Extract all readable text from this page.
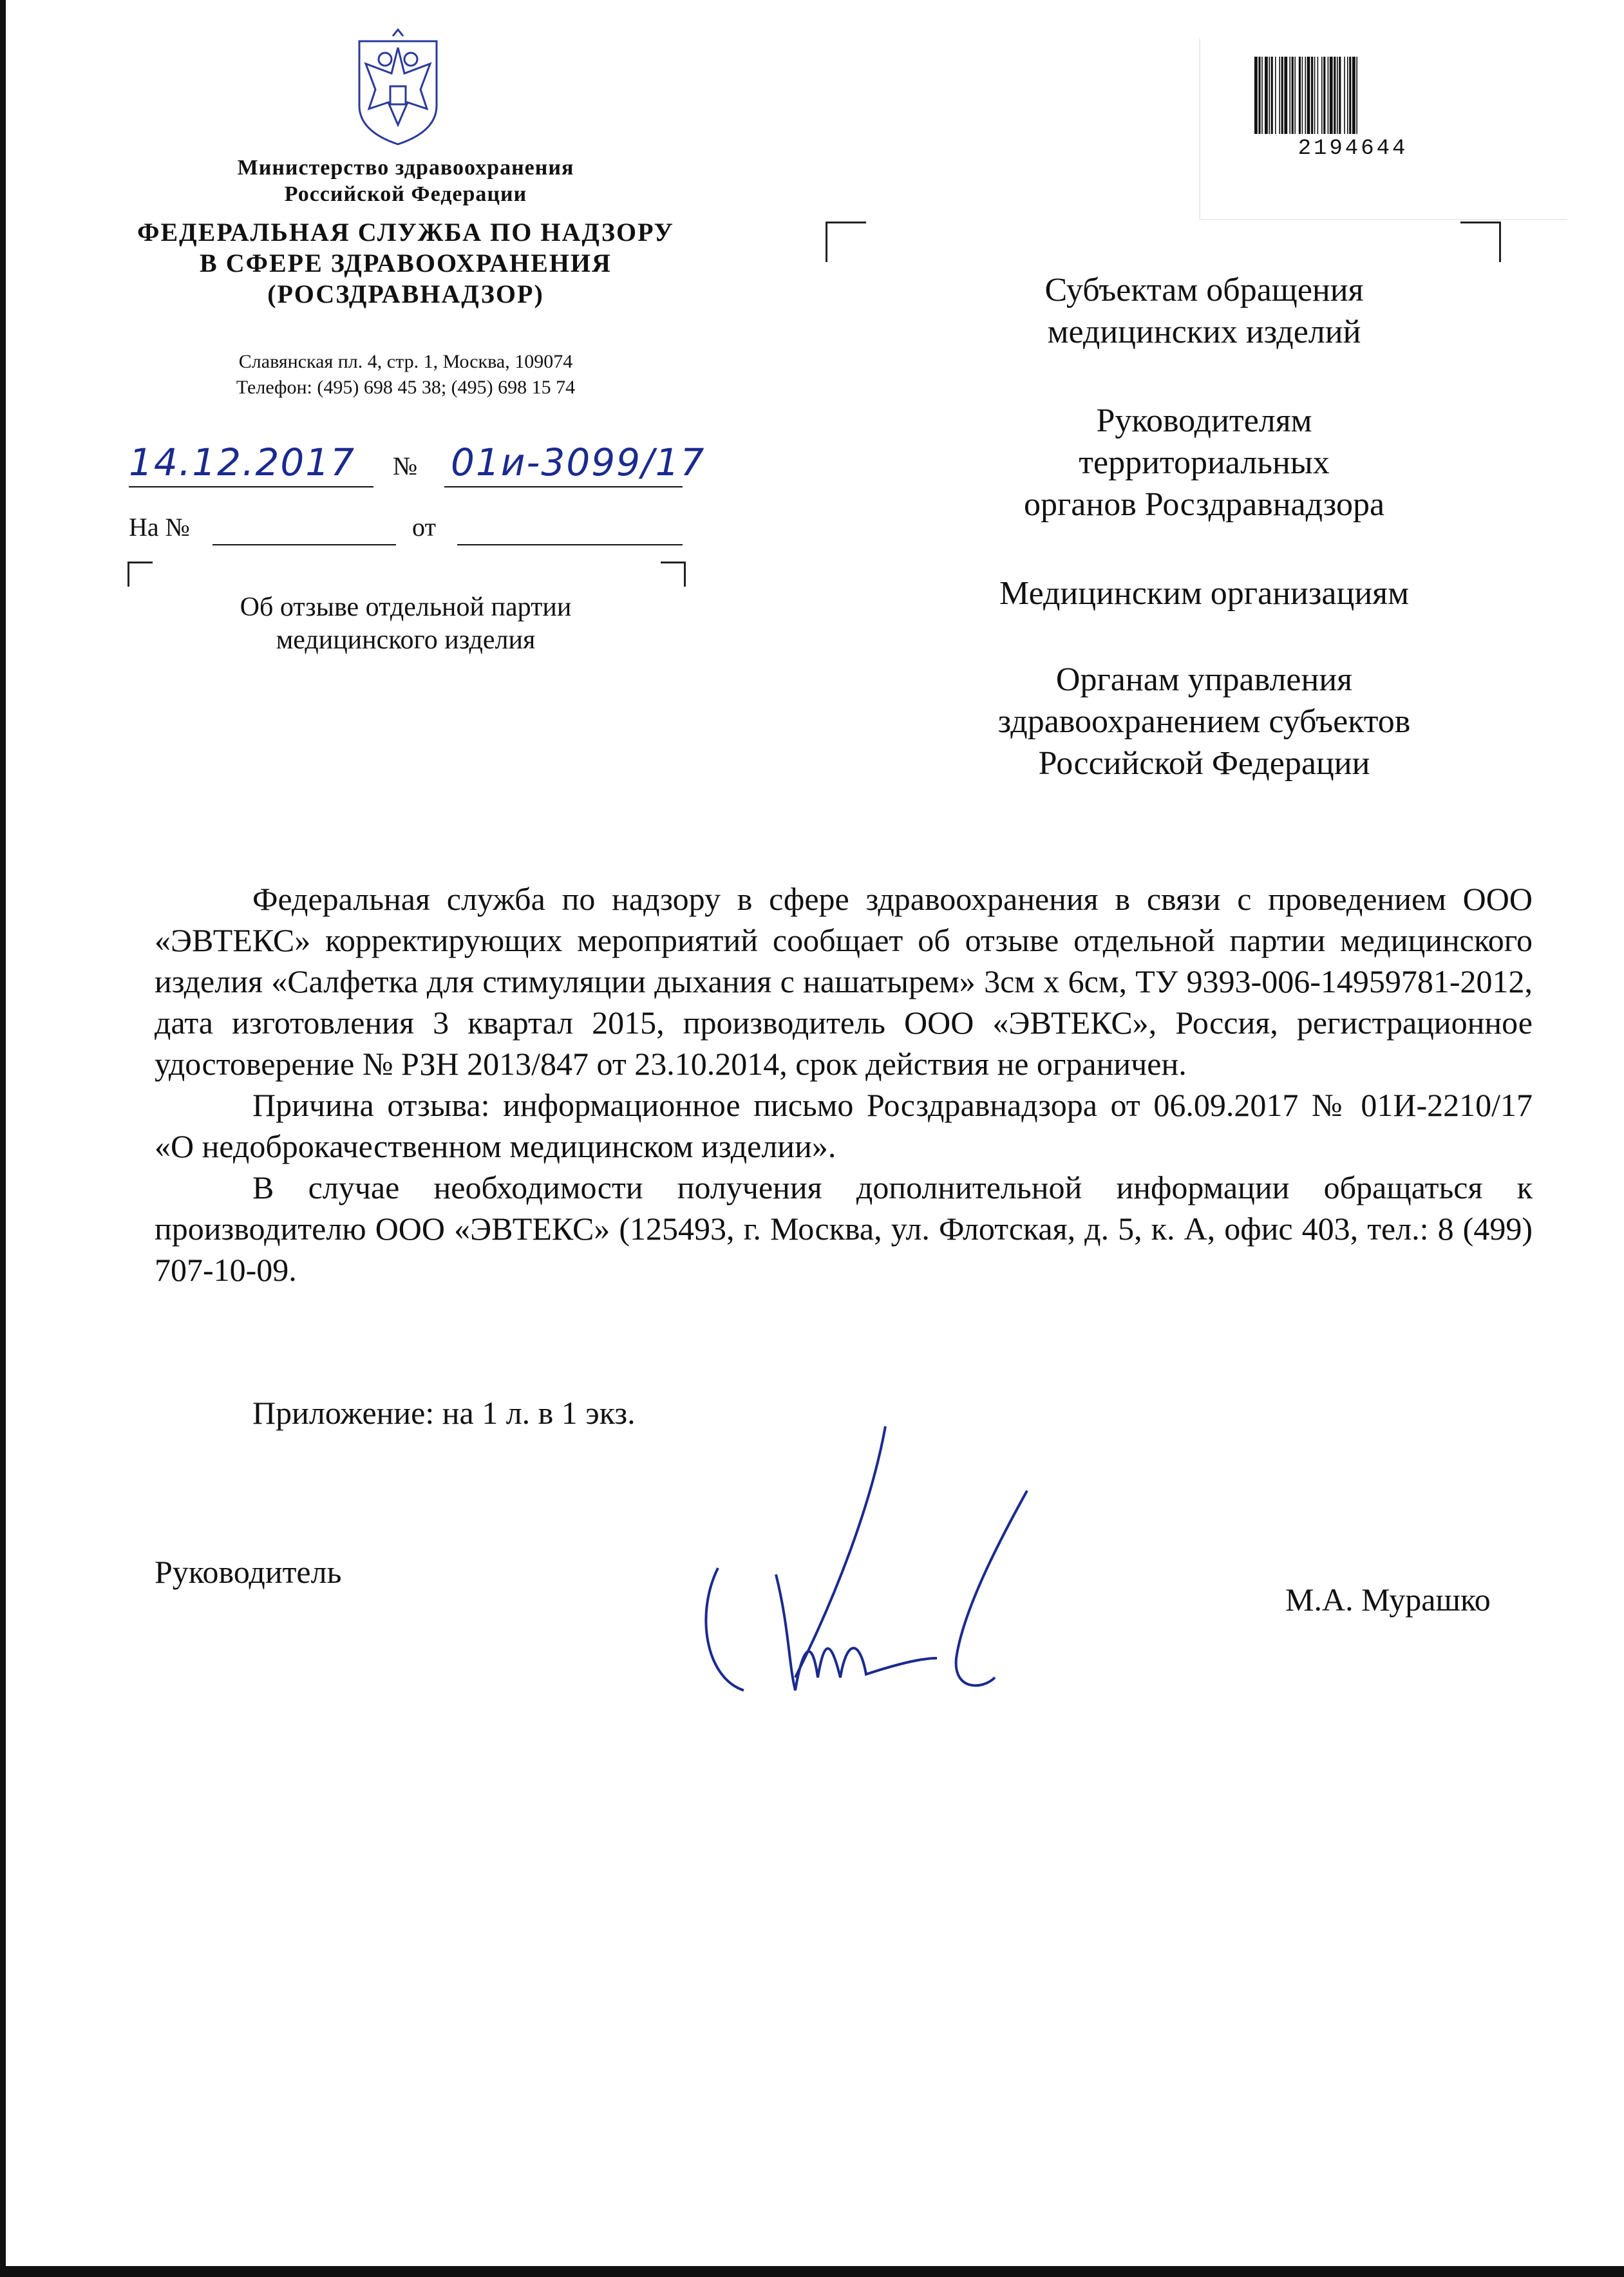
2194644
Министерство здравоохранения
Российской Федерации
ФЕДЕРАЛЬНАЯ СЛУЖБА ПО НАДЗОРУ
В СФЕРЕ ЗДРАВООХРАНЕНИЯ
(РОСЗДРАВНАДЗОР)
Славянская пл. 4, стр. 1, Москва, 109074
Телефон: (495) 698 45 38; (495) 698 15 74
14.12.2017 № 01и-3099/17
На №	от
Об отзыве отдельной партии
медицинского изделия
Субъектам обращения
медицинских изделий
Руководителям
территориальных
органов Росздравнадзора
Медицинским организациям
Органам управления
здравоохранением субъектов
Российской Федерации

Федеральная служба по надзору в сфере здравоохранения в связи с проведением ООО «ЭВТЕКС» корректирующих мероприятий сообщает об отзыве отдельной партии медицинского изделия «Салфетка для стимуляции дыхания с нашатырем» 3см х 6см, ТУ 9393-006-14959781-2012, дата изготовления 3 квартал 2015, производитель ООО «ЭВТЕКС», Россия, регистрационное удостоверение № РЗН 2013/847 от 23.10.2014, срок действия не ограничен.

Причина отзыва: информационное письмо Росздравнадзора от 06.09.2017 № 01И-2210/17 «О недоброкачественном медицинском изделии».

В случае необходимости получения дополнительной информации обращаться к производителю ООО «ЭВТЕКС» (125493, г. Москва, ул. Флотская, д. 5, к. А, офис 403, тел.: 8 (499) 707-10-09.

Приложение: на 1 л. в 1 экз.
Руководитель
М.А. Мурашко
